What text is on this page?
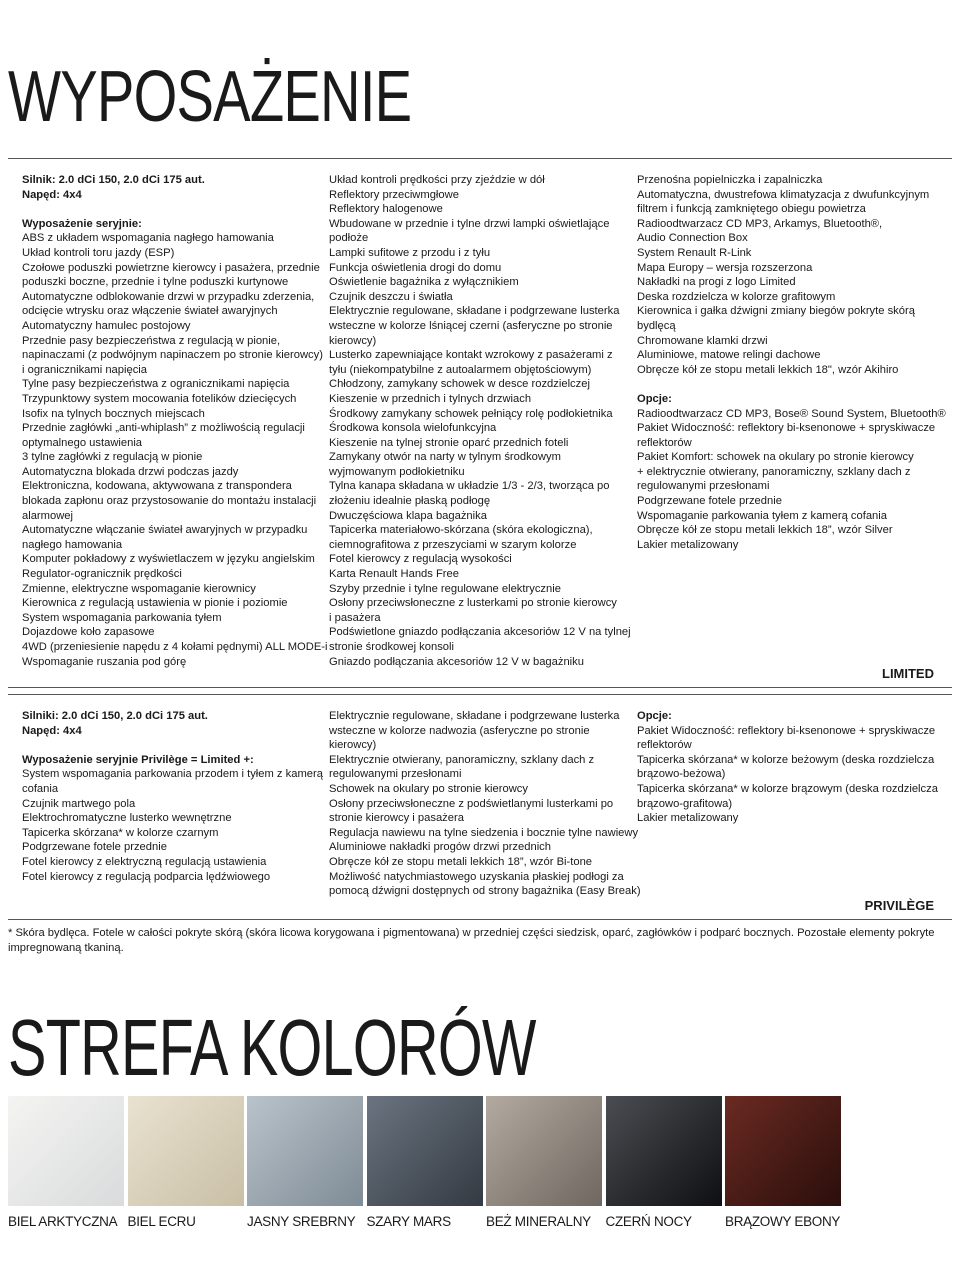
WYPOSAŻENIE
Silnik: 2.0 dCi 150, 2.0 dCi 175 aut.
Napęd: 4x4
Wyposażenie seryjnie:
ABS z układem wspomagania nagłego hamowania
Układ kontroli toru jazdy (ESP)
Czołowe poduszki powietrzne kierowcy i pasażera, przednie
poduszki boczne, przednie i tylne poduszki kurtynowe
Automatyczne odblokowanie drzwi w przypadku zderzenia,
odcięcie wtrysku oraz włączenie świateł awaryjnych
Automatyczny hamulec postojowy
Przednie pasy bezpieczeństwa z regulacją w pionie,
napinaczami (z podwójnym napinaczem po stronie kierowcy)
i ogranicznikami napięcia
Tylne pasy bezpieczeństwa z ogranicznikami napięcia
Trzypunktowy system mocowania fotelików dziecięcych
Isofix na tylnych bocznych miejscach
Przednie zagłówki „anti-whiplash” z możliwością regulacji
optymalnego ustawienia
3 tylne zagłówki z regulacją w pionie
Automatyczna blokada drzwi podczas jazdy
Elektroniczna, kodowana, aktywowana z transpondera
blokada zapłonu oraz przystosowanie do montażu instalacji
alarmowej
Automatyczne włączanie świateł awaryjnych w przypadku
nagłego hamowania
Komputer pokładowy z wyświetlaczem w języku angielskim
Regulator-ogranicznik prędkości
Zmienne, elektryczne wspomaganie kierownicy
Kierownica z regulacją ustawienia w pionie i poziomie
System wspomagania parkowania tyłem
Dojazdowe koło zapasowe
4WD (przeniesienie napędu z 4 kołami pędnymi) ALL MODE-i
Wspomaganie ruszania pod górę
Układ kontroli prędkości przy zjeździe w dół
Reflektory przeciwmgłowe
Reflektory halogenowe
Wbudowane w przednie i tylne drzwi lampki oświetlające
podłoże
Lampki sufitowe z przodu i z tyłu
Funkcja oświetlenia drogi do domu
Oświetlenie bagażnika z wyłącznikiem
Czujnik deszczu i światła
Elektrycznie regulowane, składane i podgrzewane lusterka
wsteczne w kolorze lśniącej czerni (asferyczne po stronie
kierowcy)
Lusterko zapewniające kontakt wzrokowy z pasażerami z
tyłu (niekompatybilne z autoalarmem objętościowym)
Chłodzony, zamykany schowek w desce rozdzielczej
Kieszenie w przednich i tylnych drzwiach
Środkowy zamykany schowek pełniący rolę podłokietnika
Środkowa konsola wielofunkcyjna
Kieszenie na tylnej stronie oparć przednich foteli
Zamykany otwór na narty w tylnym środkowym
wyjmowanym podłokietniku
Tylna kanapa składana w układzie 1/3 - 2/3, tworząca po
złożeniu idealnie płaską podłogę
Dwuczęściowa klapa bagażnika
Tapicerka materiałowo-skórzana (skóra ekologiczna),
ciemnografitowa z przeszyciami w szarym kolorze
Fotel kierowcy z regulacją wysokości
Karta Renault Hands Free
Szyby przednie i tylne regulowane elektrycznie
Osłony przeciwsłoneczne z lusterkami po stronie kierowcy
i pasażera
Podświetlone gniazdo podłączania akcesoriów 12 V na tylnej
stronie środkowej konsoli
Gniazdo podłączania akcesoriów 12 V w bagażniku
Przenośna popielniczka i zapalniczka
Automatyczna, dwustrefowa klimatyzacja z dwufunkcyjnym
filtrem i funkcją zamkniętego obiegu powietrza
Radioodtwarzacz CD MP3, Arkamys, Bluetooth®,
Audio Connection Box
System Renault R-Link
Mapa Europy – wersja rozszerzona
Nakładki na progi z logo Limited
Deska rozdzielcza w kolorze grafitowym
Kierownica i gałka dźwigni zmiany biegów pokryte skórą
bydlęcą
Chromowane klamki drzwi
Aluminiowe, matowe relingi dachowe
Obręcze kół ze stopu metali lekkich 18", wzór Akihiro
Opcje:
Radioodtwarzacz CD MP3, Bose® Sound System, Bluetooth®
Pakiet Widoczność: reflektory bi-ksenonowe + spryskiwacze
reflektorów
Pakiet Komfort: schowek na okulary po stronie kierowcy
+ elektrycznie otwierany, panoramiczny, szklany dach z
regulowanymi przesłonami
Podgrzewane fotele przednie
Wspomaganie parkowania tyłem z kamerą cofania
Obręcze kół ze stopu metali lekkich 18”, wzór Silver
Lakier metalizowany
LIMITED
Silniki: 2.0 dCi 150, 2.0 dCi 175 aut.
Napęd: 4x4
Wyposażenie seryjnie Privilège = Limited +:
System wspomagania parkowania przodem i tyłem z kamerą
cofania
Czujnik martwego pola
Elektrochromatyczne lusterko wewnętrzne
Tapicerka skórzana* w kolorze czarnym
Podgrzewane fotele przednie
Fotel kierowcy z elektryczną regulacją ustawienia
Fotel kierowcy z regulacją podparcia lędźwiowego
Elektrycznie regulowane, składane i podgrzewane lusterka
wsteczne w kolorze nadwozia (asferyczne po stronie
kierowcy)
Elektrycznie otwierany, panoramiczny, szklany dach z
regulowanymi przesłonami
Schowek na okulary po stronie kierowcy
Osłony przeciwsłoneczne z podświetlanymi lusterkami po
stronie kierowcy i pasażera
Regulacja nawiewu na tylne siedzenia i bocznie tylne nawiewy
Aluminiowe nakładki progów drzwi przednich
Obręcze kół ze stopu metali lekkich 18”, wzór Bi-tone
Możliwość natychmiastowego uzyskania płaskiej podłogi za
pomocą dźwigni dostępnych od strony bagażnika (Easy Break)
Opcje:
Pakiet Widoczność: reflektory bi-ksenonowe + spryskiwacze
reflektorów
Tapicerka skórzana* w kolorze beżowym (deska rozdzielcza
brązowo-beżowa)
Tapicerka skórzana* w kolorze brązowym (deska rozdzielcza
brązowo-grafitowa)
Lakier metalizowany
PRIVILÈGE
* Skóra bydlęca. Fotele w całości pokryte skórą (skóra licowa korygowana i pigmentowana) w przedniej części siedzisk, oparć, zagłówków i podparć bocznych. Pozostałe elementy pokryte impregnowaną tkaniną.
STREFA KOLORÓW
BIEL ARKTYCZNA BIEL ECRU	JASNY SREBRNY SZARY MARS	BEŻ MINERALNY	CZERŃ NOCY	BRĄZOWY EBONY
